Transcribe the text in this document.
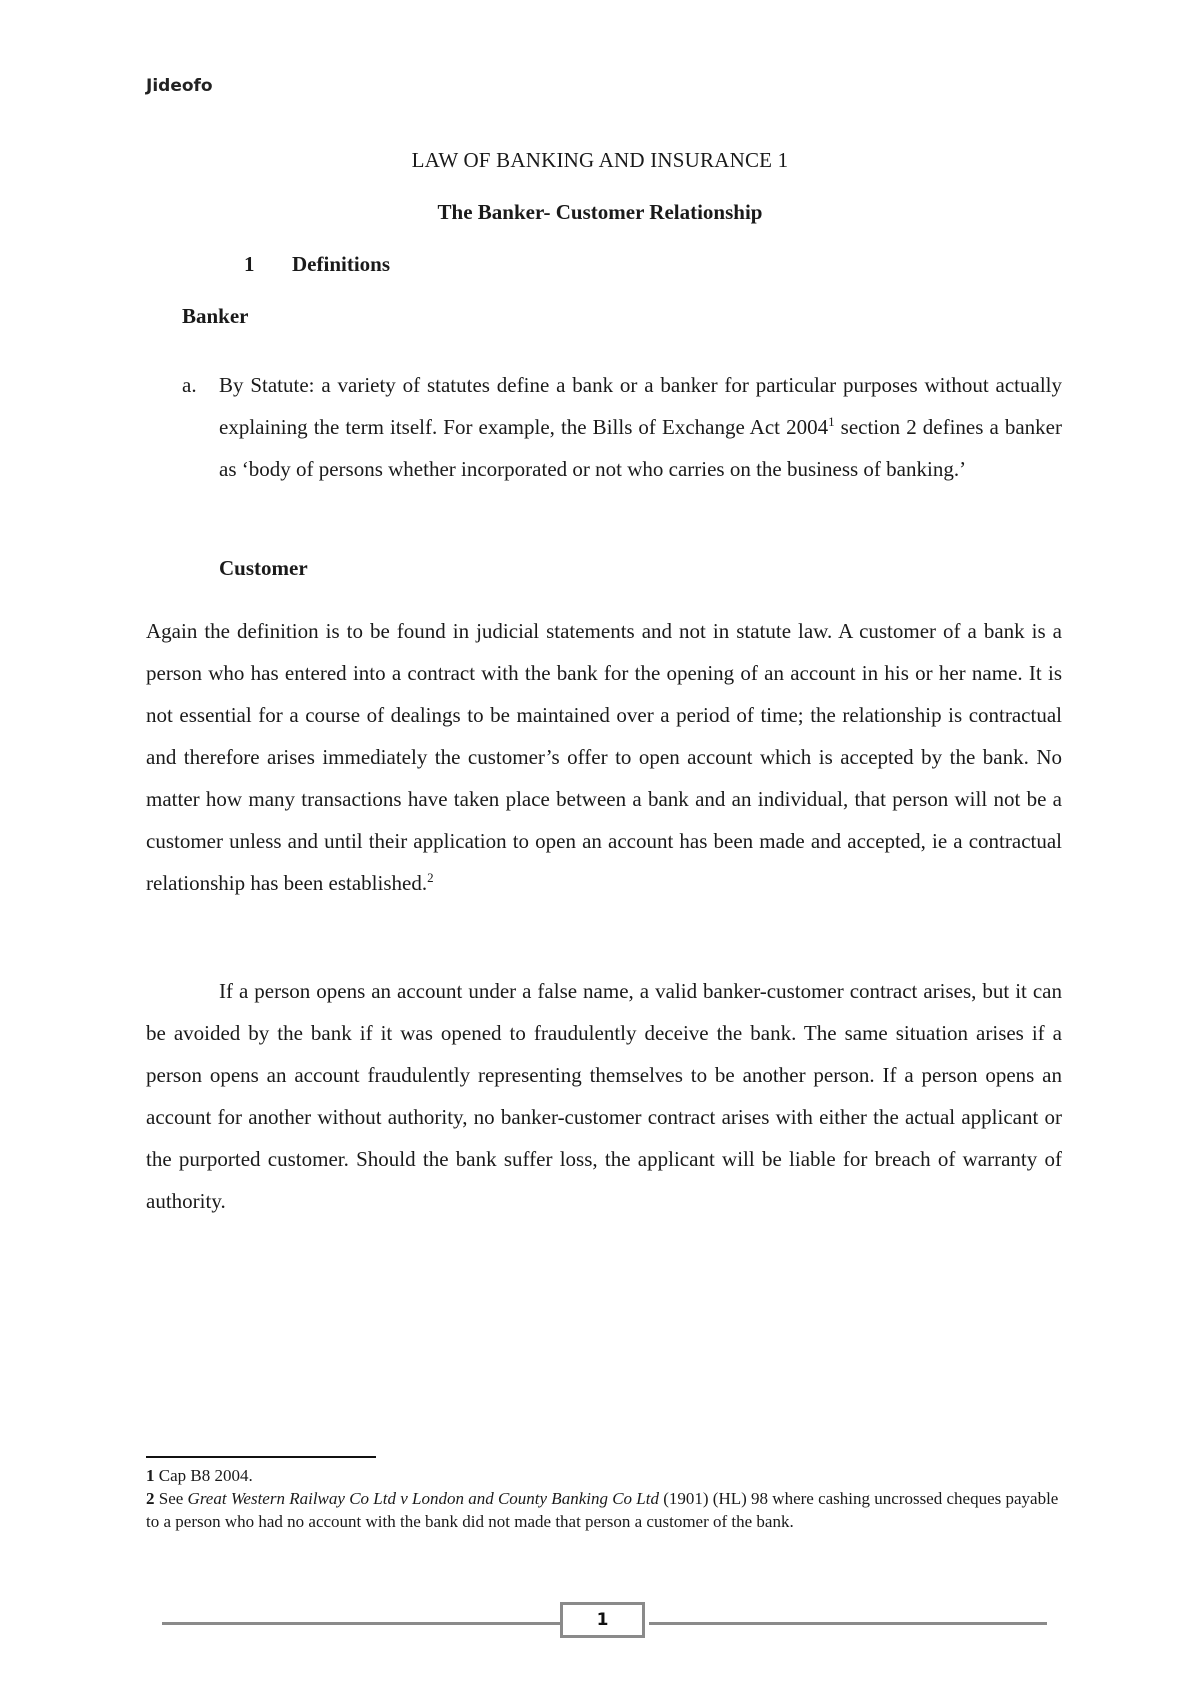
Jideofo
LAW OF BANKING AND INSURANCE 1
The Banker- Customer Relationship
1 Definitions
Banker
a. By Statute: a variety of statutes define a bank or a banker for particular purposes without actually explaining the term itself. For example, the Bills of Exchange Act 2004$^1$ section 2 defines a banker as ‘body of persons whether incorporated or not who carries on the business of banking.’
Customer
Again the definition is to be found in judicial statements and not in statute law. A customer of a bank is a person who has entered into a contract with the bank for the opening of an account in his or her name. It is not essential for a course of dealings to be maintained over a period of time; the relationship is contractual and therefore arises immediately the customer’s offer to open account which is accepted by the bank. No matter how many transactions have taken place between a bank and an individual, that person will not be a customer unless and until their application to open an account has been made and accepted, ie a contractual relationship has been established.$^2$
If a person opens an account under a false name, a valid banker-customer contract arises, but it can be avoided by the bank if it was opened to fraudulently deceive the bank. The same situation arises if a person opens an account fraudulently representing themselves to be another person. If a person opens an account for another without authority, no banker-customer contract arises with either the actual applicant or the purported customer. Should the bank suffer loss, the applicant will be liable for breach of warranty of authority.

1 Cap B8 2004.

2 See Great Western Railway Co Ltd v London and County Banking Co Ltd (1901) (HL) 98 where cashing uncrossed cheques payable to a person who had no account with the bank did not made that person a customer of the bank.

1
